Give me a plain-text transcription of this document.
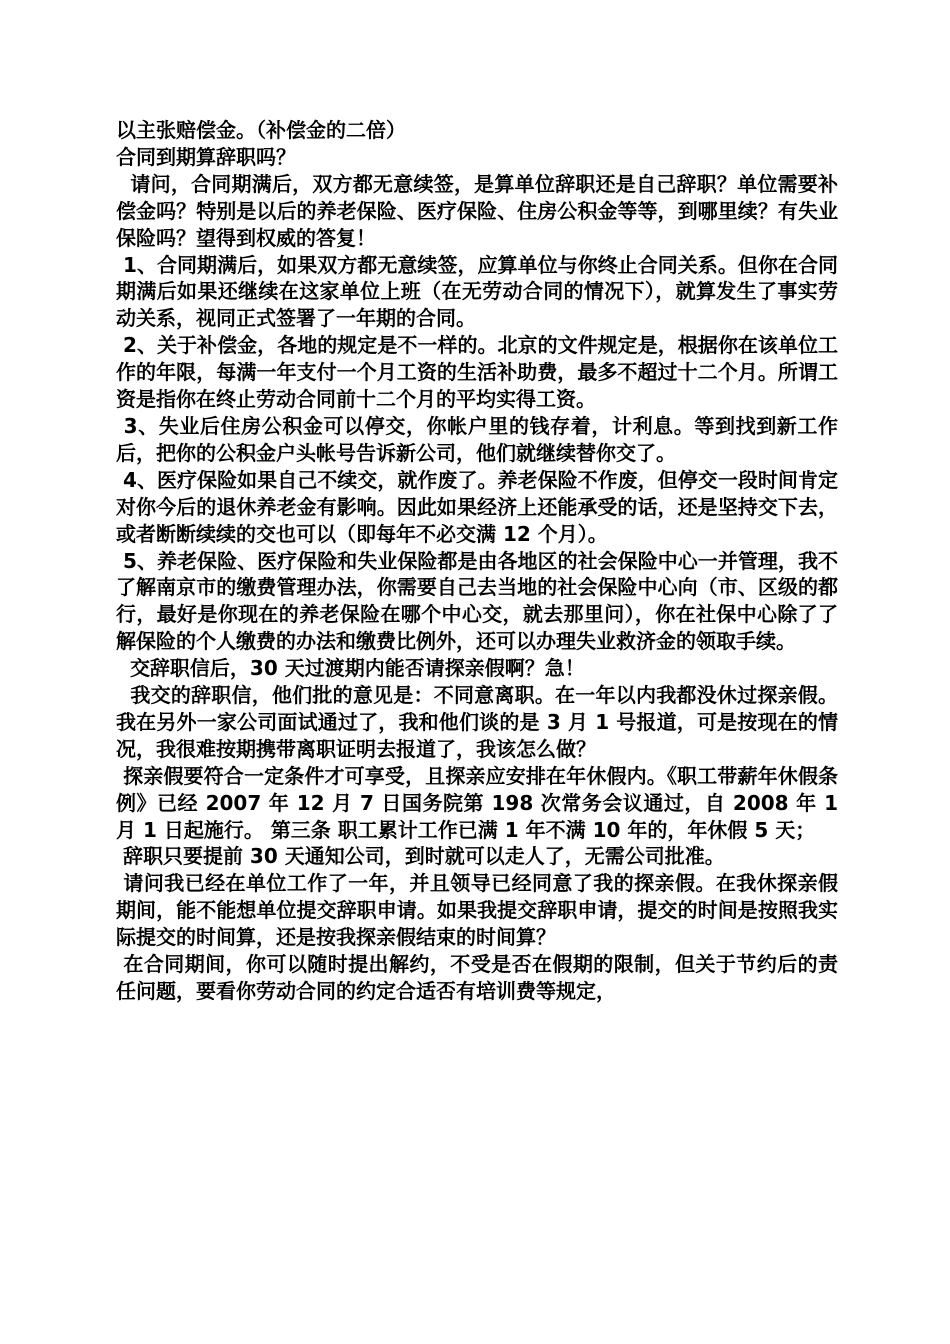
以主张赔偿金。（补偿金的二倍）

合同到期算辞职吗？

请问，合同期满后，双方都无意续签，是算单位辞职还是自己辞职？单位需要补偿金吗？特别是以后的养老保险、医疗保险、住房公积金等等，到哪里续？有失业保险吗？望得到权威的答复！

1、合同期满后，如果双方都无意续签，应算单位与你终止合同关系。但你在合同期满后如果还继续在这家单位上班（在无劳动合同的情况下），就算发生了事实劳动关系，视同正式签署了一年期的合同。

2、关于补偿金，各地的规定是不一样的。北京的文件规定是，根据你在该单位工作的年限，每满一年支付一个月工资的生活补助费，最多不超过十二个月。所谓工资是指你在终止劳动合同前十二个月的平均实得工资。

3、失业后住房公积金可以停交，你帐户里的钱存着，计利息。等到找到新工作后，把你的公积金户头帐号告诉新公司，他们就继续替你交了。

4、医疗保险如果自己不续交，就作废了。养老保险不作废，但停交一段时间肯定对你今后的退休养老金有影响。因此如果经济上还能承受的话，还是坚持交下去，或者断断续续的交也可以（即每年不必交满 12 个月）。

5、养老保险、医疗保险和失业保险都是由各地区的社会保险中心一并管理，我不了解南京市的缴费管理办法，你需要自己去当地的社会保险中心向（市、区级的都行，最好是你现在的养老保险在哪个中心交，就去那里问），你在社保中心除了了解保险的个人缴费的办法和缴费比例外，还可以办理失业救济金的领取手续。

交辞职信后，30 天过渡期内能否请探亲假啊？急！

我交的辞职信，他们批的意见是：不同意离职。在一年以内我都没休过探亲假。我在另外一家公司面试通过了，我和他们谈的是 3 月 1 号报道，可是按现在的情况，我很难按期携带离职证明去报道了，我该怎么做？

探亲假要符合一定条件才可享受，且探亲应安排在年休假内。《职工带薪年休假条例》已经 2007 年 12 月 7 日国务院第 198 次常务会议通过，自 2008 年 1 月 1 日起施行。 第三条 职工累计工作已满 1 年不满 10 年的，年休假 5 天；

辞职只要提前 30 天通知公司，到时就可以走人了，无需公司批准。

请问我已经在单位工作了一年，并且领导已经同意了我的探亲假。在我休探亲假期间，能不能想单位提交辞职申请。如果我提交辞职申请，提交的时间是按照我实际提交的时间算，还是按我探亲假结束的时间算？

在合同期间，你可以随时提出解约，不受是否在假期的限制，但关于节约后的责任问题，要看你劳动合同的约定合适否有培训费等规定，
